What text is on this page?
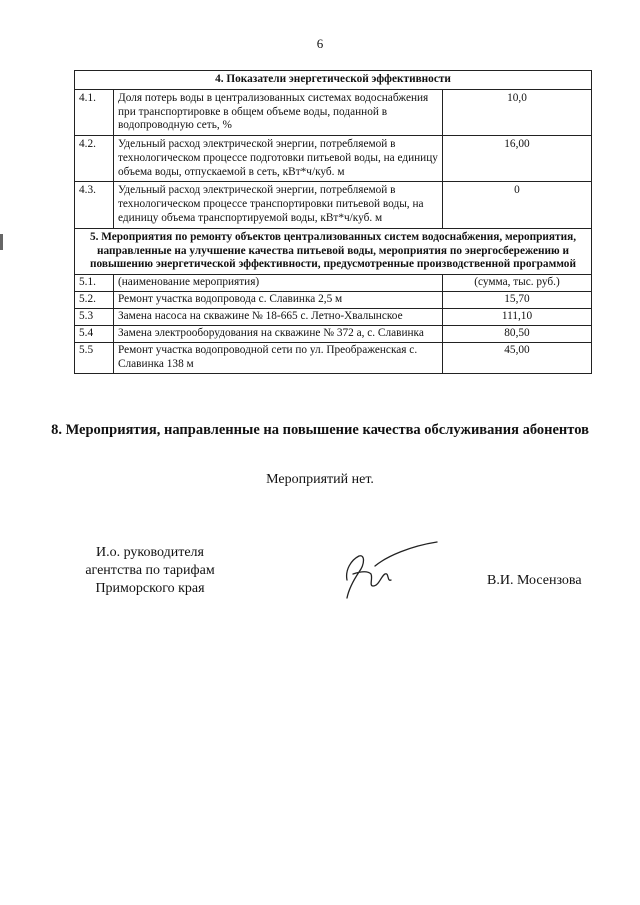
6
4. Показатели энергетической эффективности		
4.1.	Доля потерь воды в централизованных системах водоснабжения при транспортировке в общем объеме воды, поданной в водопроводную сеть, %	10,0
4.2.	Удельный расход электрической энергии, потребляемой в технологическом процессе подготовки питьевой воды, на единицу объема воды, отпускаемой в сеть, кВт*ч/куб. м	16,00
4.3.	Удельный расход электрической энергии, потребляемой в технологическом процессе транспортировки питьевой воды, на единицу объема транспортируемой воды, кВт*ч/куб. м	0
5. Мероприятия по ремонту объектов централизованных систем водоснабжения, мероприятия, направленные на улучшение качества питьевой воды, мероприятия по энергосбережению и повышению энергетической эффективности, предусмотренные производственной программой		
5.1.	(наименование мероприятия)	(сумма, тыс. руб.)
5.2.	Ремонт участка водопровода с. Славинка 2,5 м	15,70
5.3	Замена насоса на скважине № 18-665 с. Летно-Хвалынское	111,10
5.4	Замена электрооборудования на скважине № 372 а, с. Славинка	80,50
5.5	Ремонт участка водопроводной сети по ул. Преображенская с. Славинка 138 м	45,00
8. Мероприятия, направленные на повышение качества обслуживания абонентов
Мероприятий нет.
И.о. руководителя агентства по тарифам Приморского края
В.И. Мосензова
